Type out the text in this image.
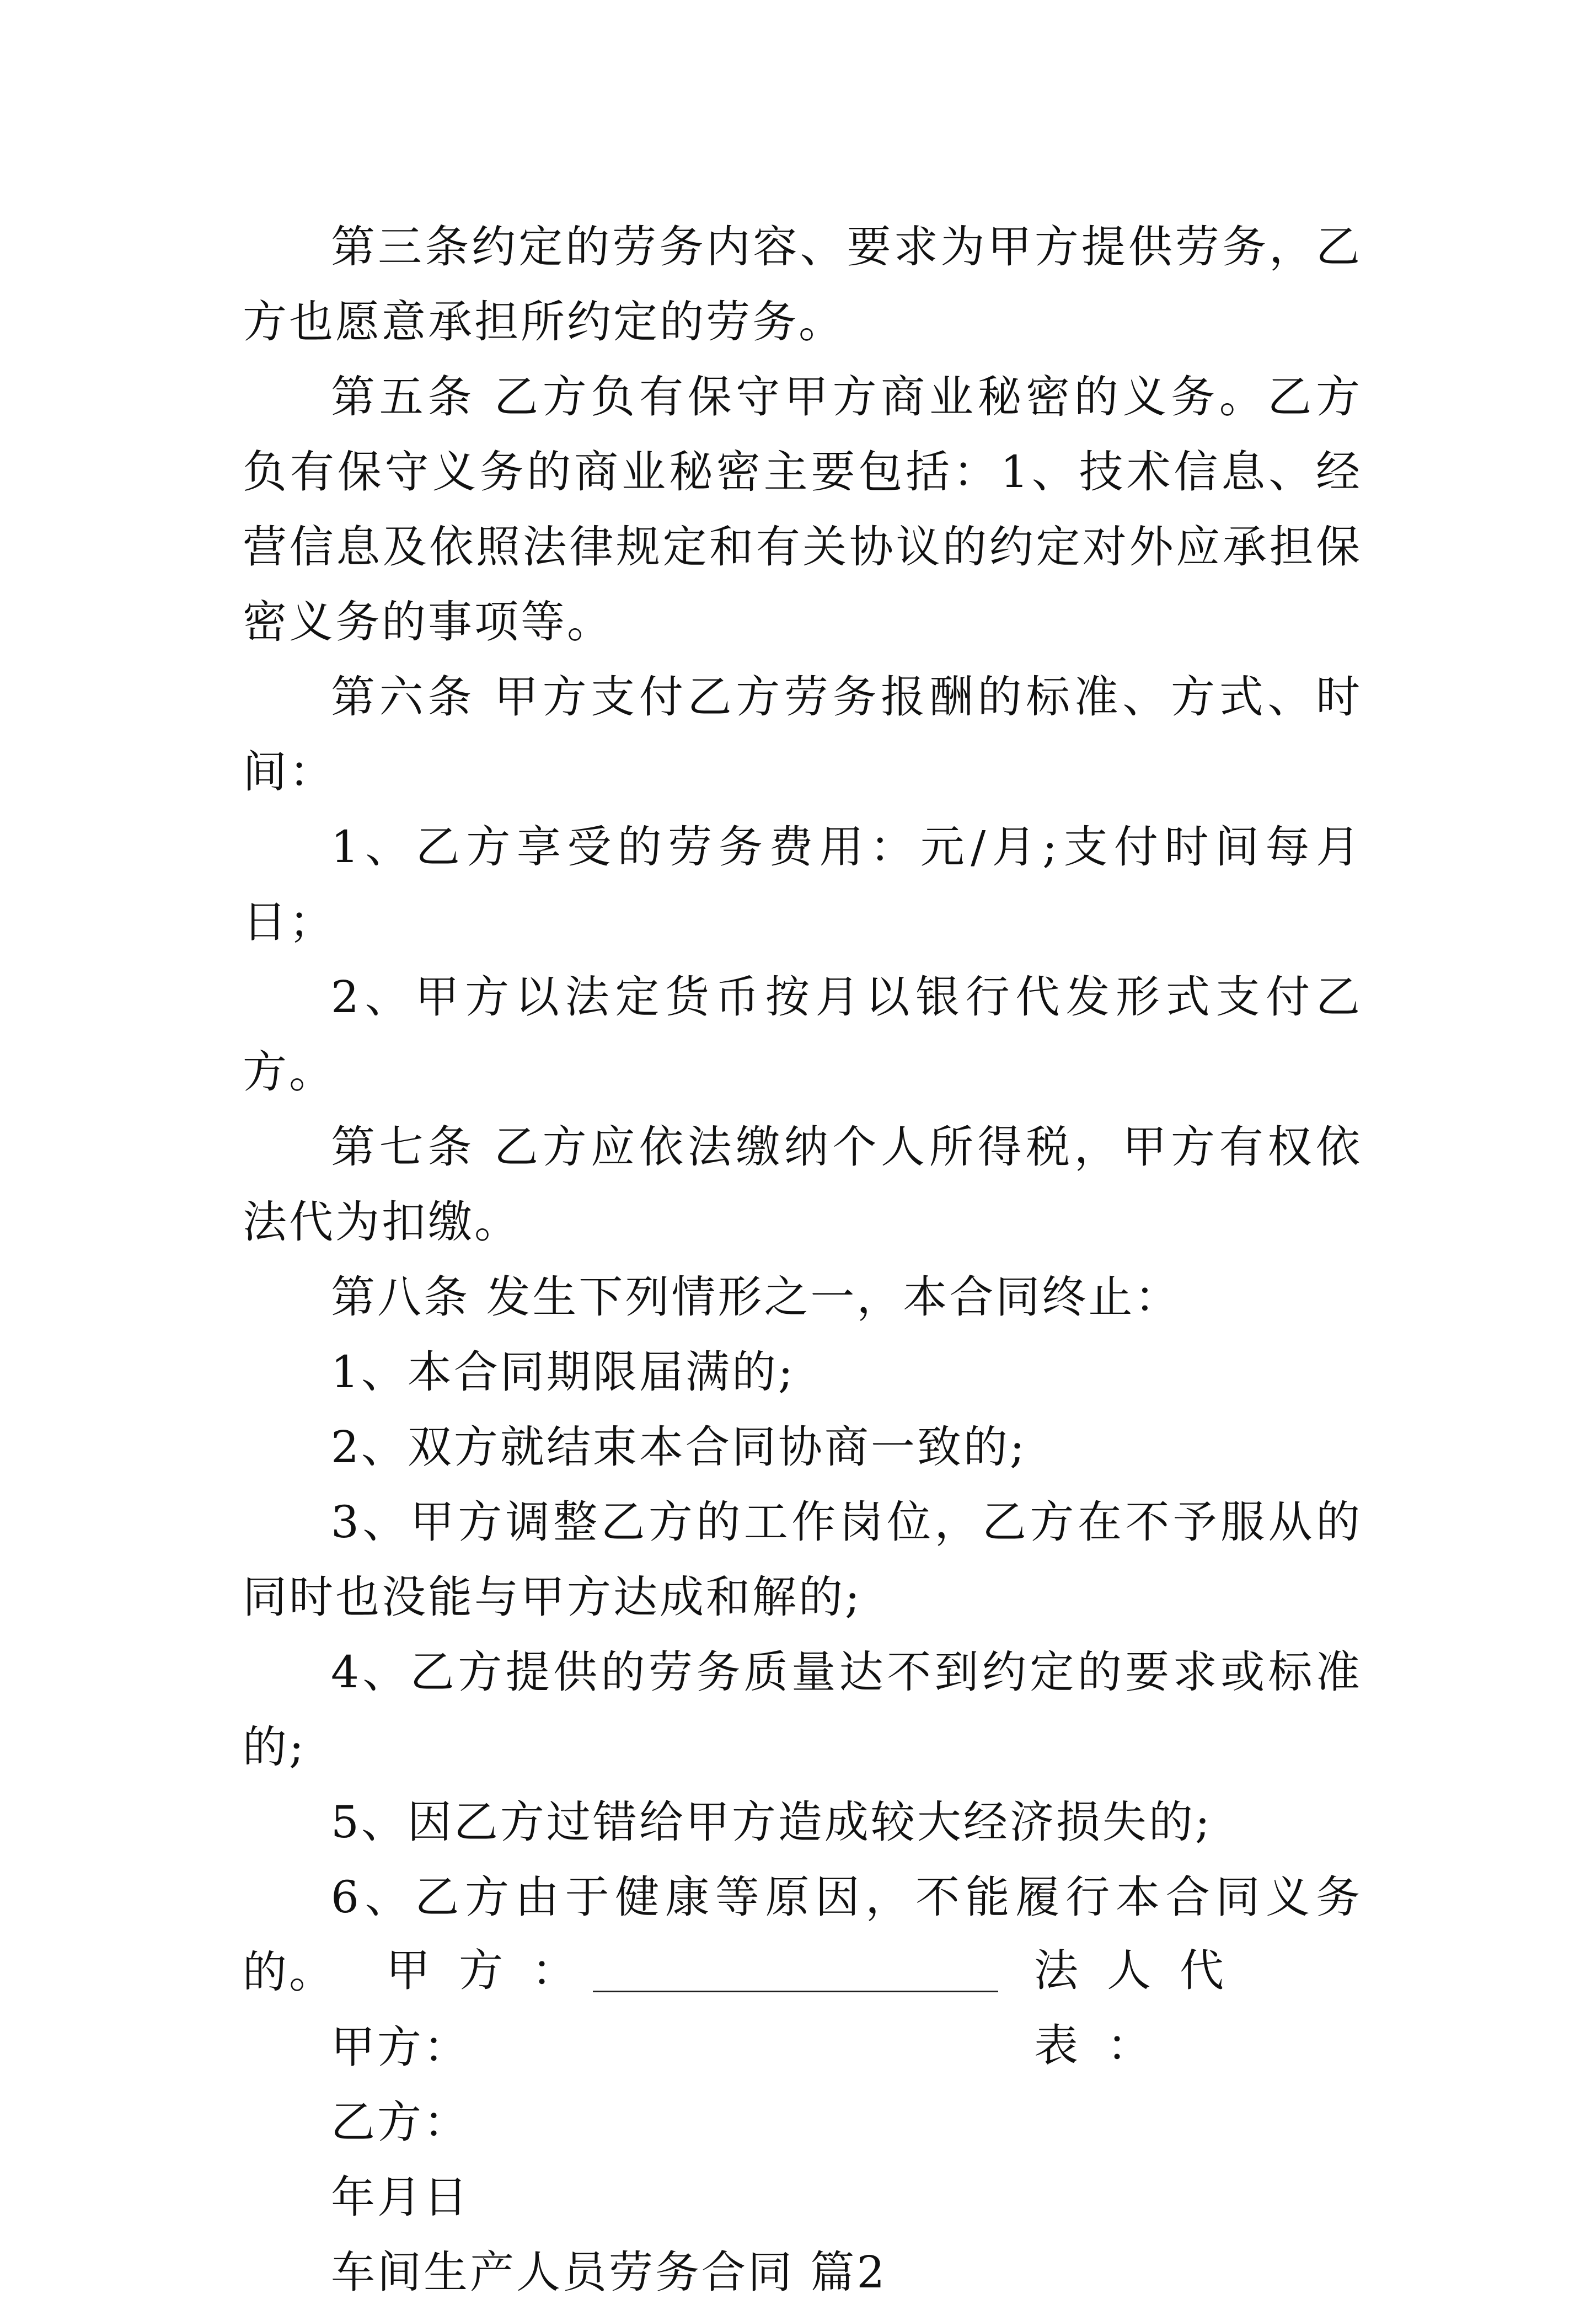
第三条约定的劳务内容、要求为甲方提供劳务，乙方也愿意承担所约定的劳务。

第五条 乙方负有保守甲方商业秘密的义务。乙方负有保守义务的商业秘密主要包括：1、技术信息、经营信息及依照法律规定和有关协议的约定对外应承担保密义务的事项等。

第六条 甲方支付乙方劳务报酬的标准、方式、时间：

1、乙方享受的劳务费用：元/月;支付时间每月日；

2、甲方以法定货币按月以银行代发形式支付乙方。

第七条 乙方应依法缴纳个人所得税，甲方有权依法代为扣缴。

第八条 发生下列情形之一，本合同终止：

1、本合同期限届满的;

2、双方就结束本合同协商一致的;

3、甲方调整乙方的工作岗位，乙方在不予服从的同时也没能与甲方达成和解的;

4、乙方提供的劳务质量达不到约定的要求或标准的;

5、因乙方过错给甲方造成较大经济损失的;

6、乙方由于健康等原因，不能履行本合同义务的。

甲方：

乙方：

年月日

车间生产人员劳务合同 篇2

甲方：	法人代表：
